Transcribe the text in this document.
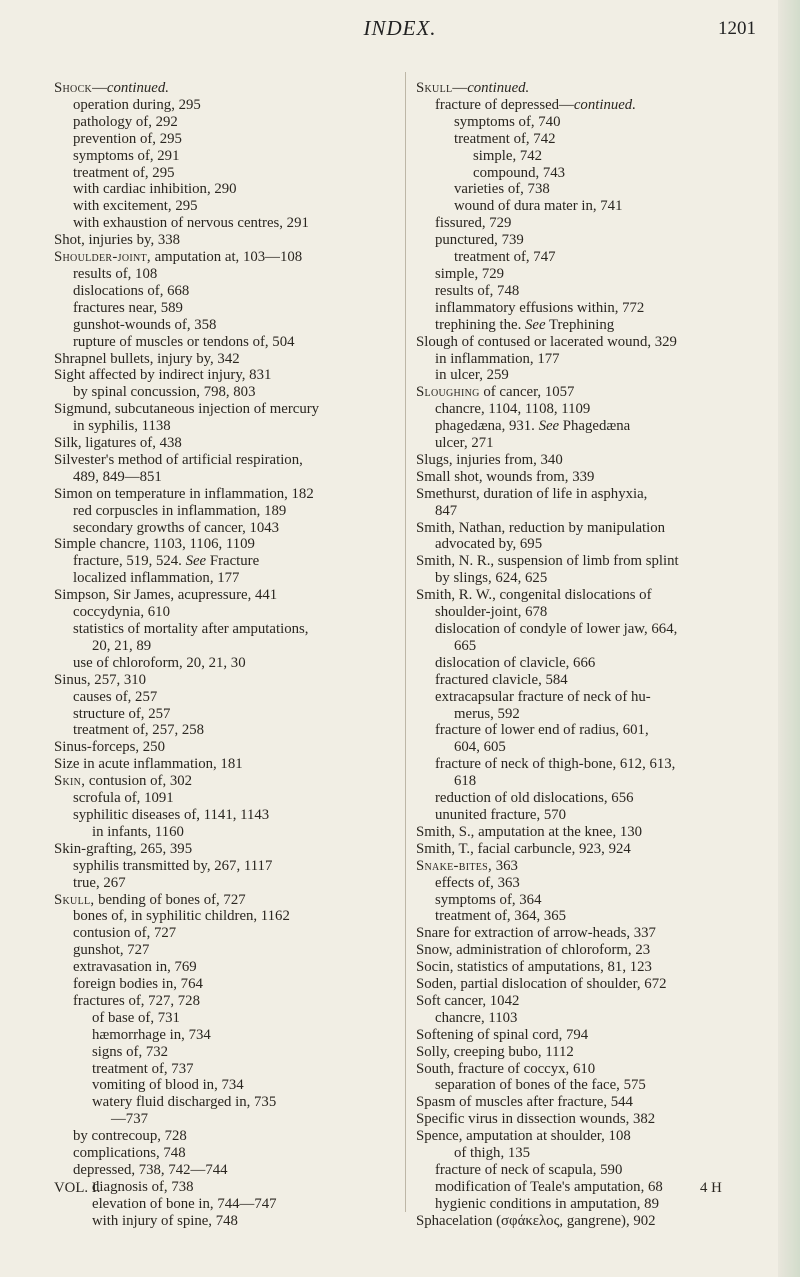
INDEX.	1201
Shock—continued.
operation during, 295
pathology of, 292
prevention of, 295
symptoms of, 291
treatment of, 295
with cardiac inhibition, 290
with excitement, 295
with exhaustion of nervous centres, 291
Shot, injuries by, 338
Shoulder-joint, amputation at, 103—108
results of, 108
dislocations of, 668
fractures near, 589
gunshot-wounds of, 358
rupture of muscles or tendons of, 504
Shrapnel bullets, injury by, 342
Sight affected by indirect injury, 831
by spinal concussion, 798, 803
Sigmund, subcutaneous injection of mercury
in syphilis, 1138
Silk, ligatures of, 438
Silvester's method of artificial respiration,
489, 849—851
Simon on temperature in inflammation, 182
red corpuscles in inflammation, 189
secondary growths of cancer, 1043
Simple chancre, 1103, 1106, 1109
fracture, 519, 524. See Fracture
localized inflammation, 177
Simpson, Sir James, acupressure, 441
coccydynia, 610
statistics of mortality after amputations,
20, 21, 89
use of chloroform, 20, 21, 30
Sinus, 257, 310
causes of, 257
structure of, 257
treatment of, 257, 258
Sinus-forceps, 250
Size in acute inflammation, 181
Skin, contusion of, 302
scrofula of, 1091
syphilitic diseases of, 1141, 1143
in infants, 1160
Skin-grafting, 265, 395
syphilis transmitted by, 267, 1117
true, 267
Skull, bending of bones of, 727
bones of, in syphilitic children, 1162
contusion of, 727
gunshot, 727
extravasation in, 769
foreign bodies in, 764
fractures of, 727, 728
of base of, 731
hæmorrhage in, 734
signs of, 732
treatment of, 737
vomiting of blood in, 734
watery fluid discharged in, 735
—737
by contrecoup, 728
complications, 748
depressed, 738, 742—744
diagnosis of, 738
elevation of bone in, 744—747
with injury of spine, 748
Skull—continued.
fracture of depressed—continued.
symptoms of, 740
treatment of, 742
simple, 742
compound, 743
varieties of, 738
wound of dura mater in, 741
fissured, 729
punctured, 739
treatment of, 747
simple, 729
results of, 748
inflammatory effusions within, 772
trephining the. See Trephining
Slough of contused or lacerated wound, 329
in inflammation, 177
in ulcer, 259
Sloughing of cancer, 1057
chancre, 1104, 1108, 1109
phagedæna, 931. See Phagedæna
ulcer, 271
Slugs, injuries from, 340
Small shot, wounds from, 339
Smethurst, duration of life in asphyxia,
847
Smith, Nathan, reduction by manipulation
advocated by, 695
Smith, N. R., suspension of limb from splint
by slings, 624, 625
Smith, R. W., congenital dislocations of
shoulder-joint, 678
dislocation of condyle of lower jaw, 664,
665
dislocation of clavicle, 666
fractured clavicle, 584
extracapsular fracture of neck of hu-
merus, 592
fracture of lower end of radius, 601,
604, 605
fracture of neck of thigh-bone, 612, 613,
618
reduction of old dislocations, 656
ununited fracture, 570
Smith, S., amputation at the knee, 130
Smith, T., facial carbuncle, 923, 924
Snake-bites, 363
effects of, 363
symptoms of, 364
treatment of, 364, 365
Snare for extraction of arrow-heads, 337
Snow, administration of chloroform, 23
Socin, statistics of amputations, 81, 123
Soden, partial dislocation of shoulder, 672
Soft cancer, 1042
chancre, 1103
Softening of spinal cord, 794
Solly, creeping bubo, 1112
South, fracture of coccyx, 610
separation of bones of the face, 575
Spasm of muscles after fracture, 544
Specific virus in dissection wounds, 382
Spence, amputation at shoulder, 108
of thigh, 135
fracture of neck of scapula, 590
modification of Teale's amputation, 68
hygienic conditions in amputation, 89
Sphacelation (σφάκελος, gangrene), 902
VOL. I.	4 H
